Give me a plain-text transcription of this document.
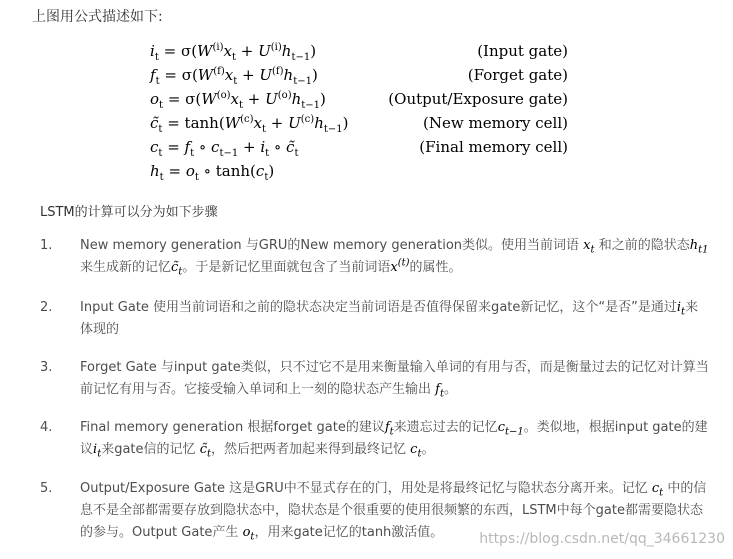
上图用公式描述如下:
$i_t = \sigma(W^{(i)}x_t + U^{(i)}h_{t-1})$	(Input gate)
$f_t = \sigma(W^{(f)}x_t + U^{(f)}h_{t-1})$	(Forget gate)
$o_t = \sigma(W^{(o)}x_t + U^{(o)}h_{t-1})$	(Output/Exposure gate)
$c̃_t = \tanh(W^{(c)}x_t + U^{(c)}h_{t-1})$	(New memory cell)
$c_t = f_t$ ∘ $c_{t-1} + i_t$ ∘ $c̃_t$	(Final memory cell)
$h_t = o_t$ ∘ $\tanh(c_t)$
LSTM的计算可以分为如下步骤
1. New memory generation 与GRU的New memory generation类似。使用当前词语 $x_t$ 和之前的隐状态$h_{t1}$来生成新的记忆$c̃_t$。于是新记忆里面就包含了当前词语$x^{(t)}$的属性。
2. Input Gate 使用当前词语和之前的隐状态决定当前词语是否值得保留来gate新记忆，这个“是否”是通过$i_t$来体现的
3. Forget Gate 与input gate类似，只不过它不是用来衡量输入单词的有用与否，而是衡量过去的记忆对计算当前记忆有用与否。它接受输入单词和上一刻的隐状态产生输出 $f_t$。
4. Final memory generation 根据forget gate的建议$f_t$来遗忘过去的记忆$c_{t-1}$。类似地，根据input gate的建议$i_t$来gate信的记忆 $c̃_t$，然后把两者加起来得到最终记忆 $c_t$。
5. Output/Exposure Gate 这是GRU中不显式存在的门，用处是将最终记忆与隐状态分离开来。记忆 $c_t$ 中的信息不是全部都需要存放到隐状态中，隐状态是个很重要的使用很频繁的东西，LSTM中每个gate都需要隐状态的参与。Output Gate产生 $o_t$，用来gate记忆的tanh激活值。	https://blog.csdn.net/qq_34661230
